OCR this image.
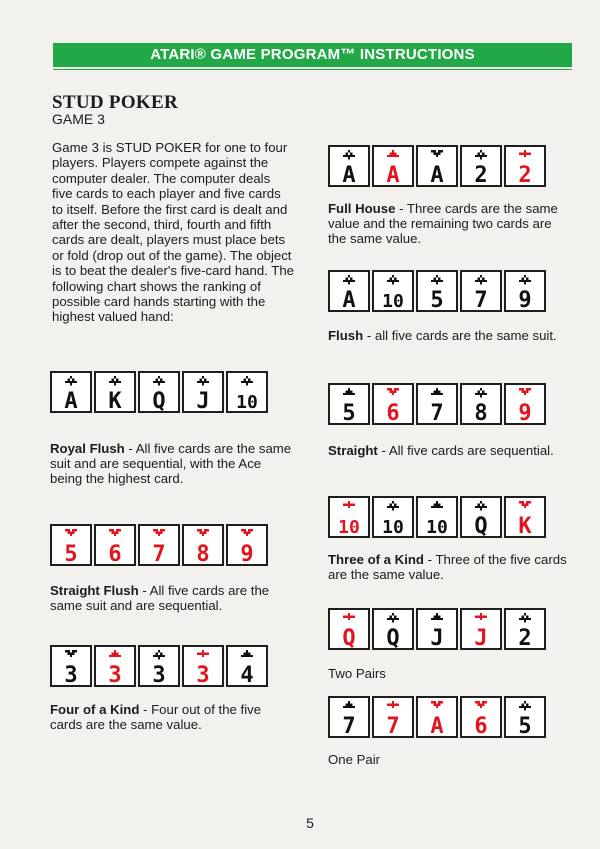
ATARI® GAME PROGRAM™ INSTRUCTIONS
STUD POKER
GAME 3
Game 3 is STUD POKER for one to four players. Players compete against the computer dealer. The computer deals five cards to each player and five cards to itself. Before the first card is dealt and after the second, third, fourth and fifth cards are dealt, players must place bets or fold (drop out of the game). The object is to beat the dealer's five-card hand. The following chart shows the ranking of possible card hands starting with the highest valued hand:
A K Q J 10
Royal Flush - All five cards are the same suit and are sequential, with the Ace being the highest card.
5 6 7 8 9
Straight Flush - All five cards are the same suit and are sequential.
3 3 3 3 4
Four of a Kind - Four out of the five cards are the same value.
A A A 2 2
Full House - Three cards are the same value and the remaining two cards are the same value.
A 10 5 7 9
Flush - all five cards are the same suit.
5 6 7 8 9
Straight - All five cards are sequential.
10 10 10 Q K
Three of a Kind - Three of the five cards are the same value.
Q Q J J 2
Two Pairs
7 7 A 6 5
One Pair
5
